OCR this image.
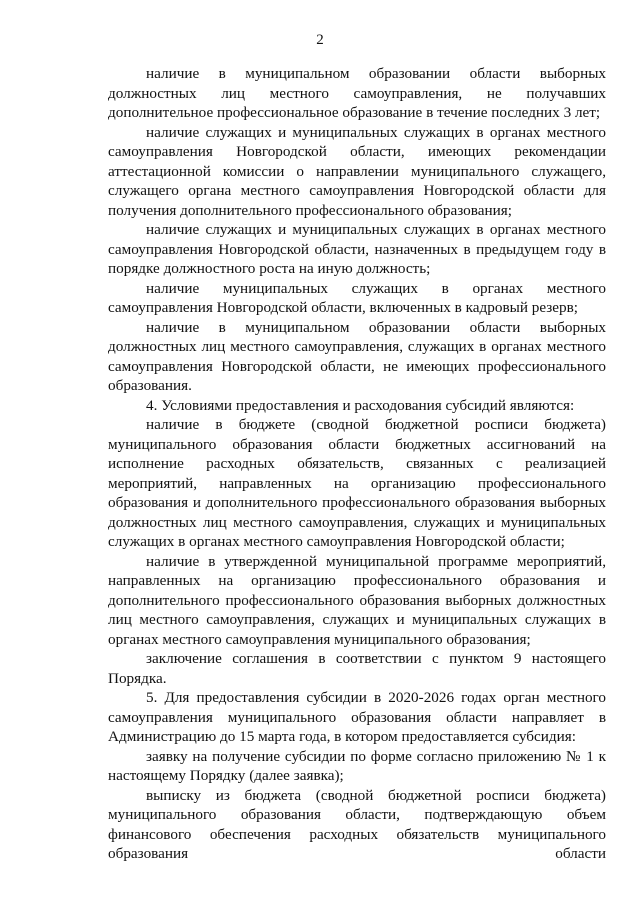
2

наличие в муниципальном образовании области выборных должностных лиц местного самоуправления, не получавших дополнительное профессиональное образование в течение последних 3 лет;

наличие служащих и муниципальных служащих в органах местного самоуправления Новгородской области, имеющих рекомендации аттестационной комиссии о направлении муниципального служащего, служащего органа местного самоуправления Новгородской области для получения дополнительного профессионального образования;

наличие служащих и муниципальных служащих в органах местного самоуправления Новгородской области, назначенных в предыдущем году в порядке должностного роста на иную должность;

наличие муниципальных служащих в органах местного самоуправления Новгородской области, включенных в кадровый резерв;

наличие в муниципальном образовании области выборных должностных лиц местного самоуправления, служащих в органах местного самоуправления Новгородской области, не имеющих профессионального образования.

4. Условиями предоставления и расходования субсидий являются:

наличие в бюджете (сводной бюджетной росписи бюджета) муниципального образования области бюджетных ассигнований на исполнение расходных обязательств, связанных с реализацией мероприятий, направленных на организацию профессионального образования и дополнительного профессионального образования выборных должностных лиц местного самоуправления, служащих и муниципальных служащих в органах местного самоуправления Новгородской области;

наличие в утвержденной муниципальной программе мероприятий, направленных на организацию профессионального образования и дополнительного профессионального образования выборных должностных лиц местного самоуправления, служащих и муниципальных служащих в органах местного самоуправления муниципального образования;

заключение соглашения в соответствии с пунктом 9 настоящего Порядка.

5. Для предоставления субсидии в 2020-2026 годах орган местного самоуправления муниципального образования области направляет в Администрацию до 15 марта года, в котором предоставляется субсидия:

заявку на получение субсидии по форме согласно приложению № 1 к настоящему Порядку (далее заявка);

выписку из бюджета (сводной бюджетной росписи бюджета) муниципального образования области, подтверждающую объем финансового обеспечения расходных обязательств муниципального образования области
